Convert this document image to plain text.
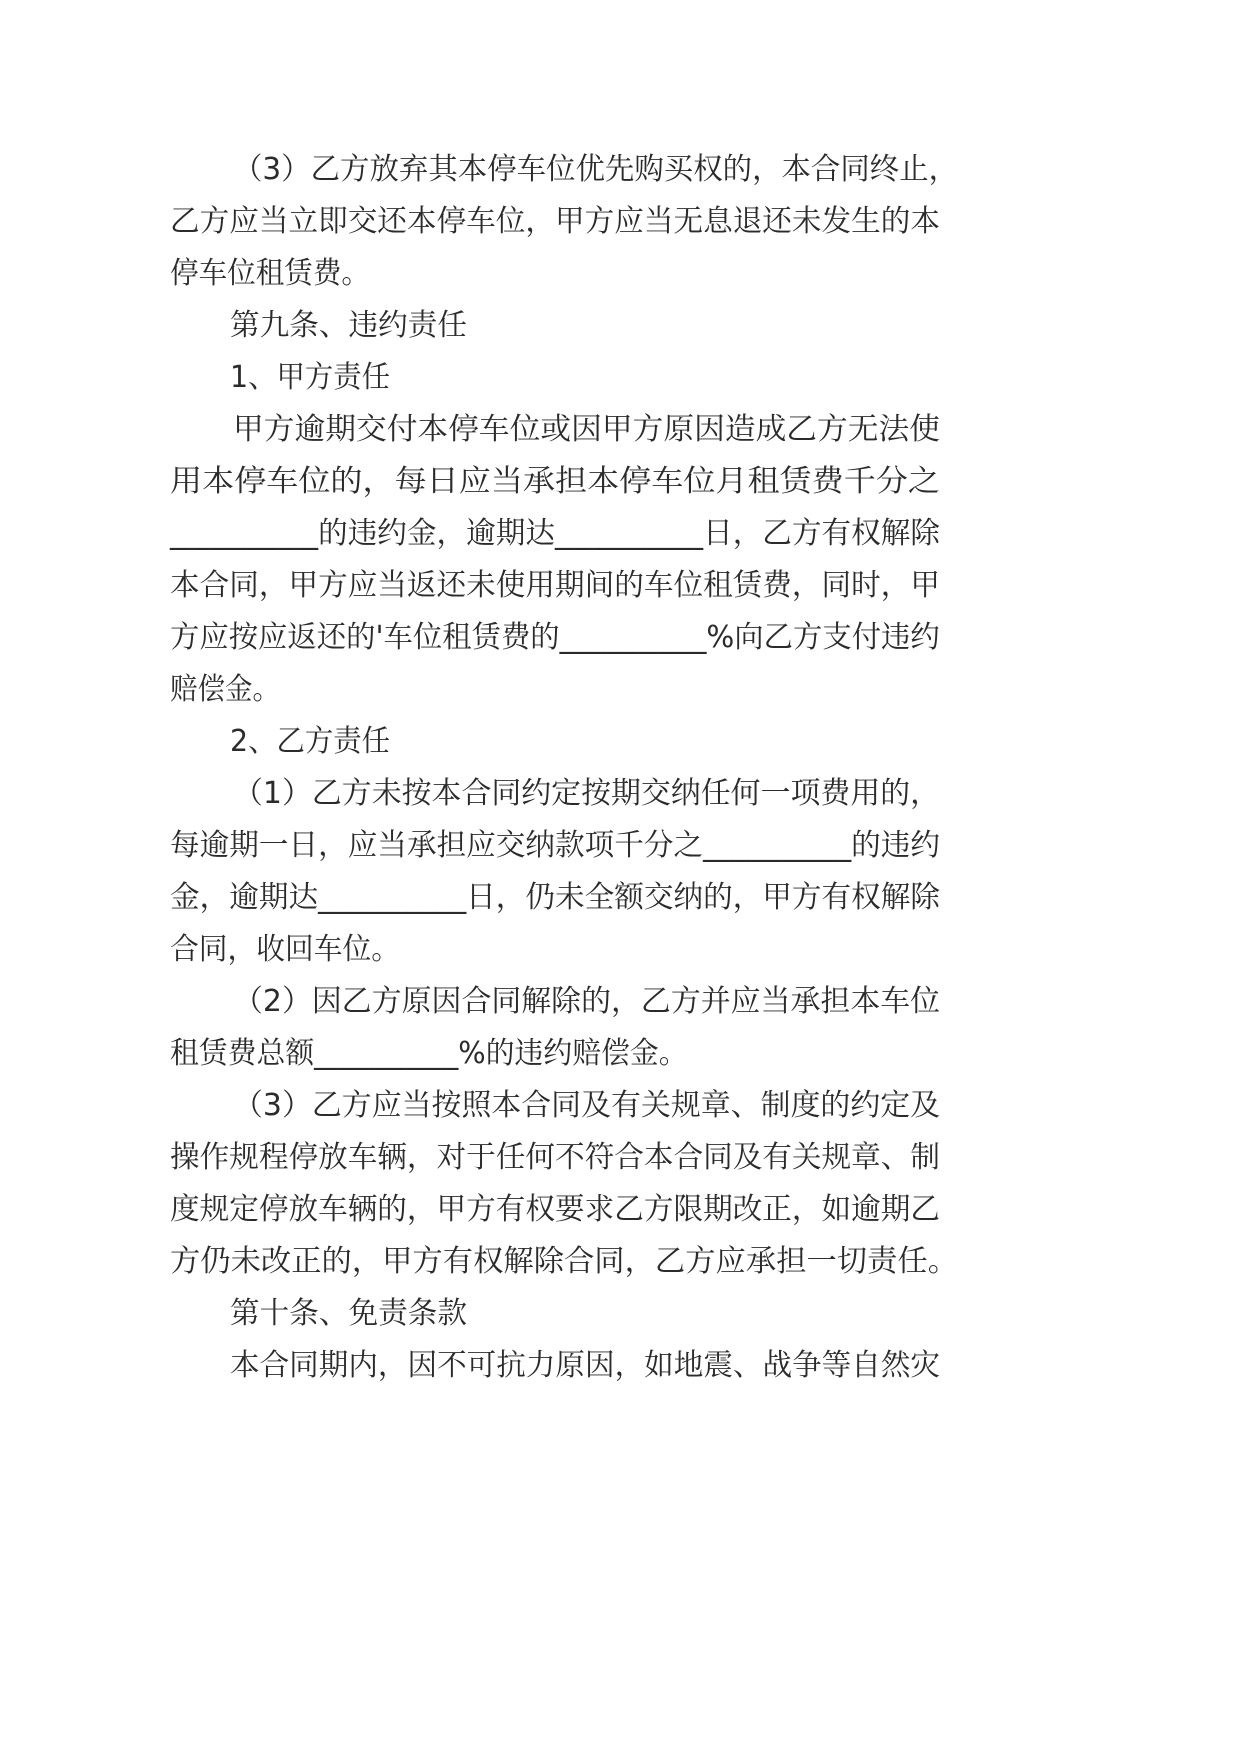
（3）乙方放弃其本停车位优先购买权的，本合同终止，
乙方应当立即交还本停车位，甲方应当无息退还未发生的本
停车位租赁费。
第九条、违约责任
1、甲方责任
甲方逾期交付本停车位或因甲方原因造成乙方无法使
用本停车位的，每日应当承担本停车位月租赁费千分之
__________的违约金，逾期达__________日，乙方有权解除
本合同，甲方应当返还未使用期间的车位租赁费，同时，甲
方应按应返还的'车位租赁费的__________%向乙方支付违约
赔偿金。
2、乙方责任
（1）乙方未按本合同约定按期交纳任何一项费用的，
每逾期一日，应当承担应交纳款项千分之__________的违约
金，逾期达__________日，仍未全额交纳的，甲方有权解除
合同，收回车位。
（2）因乙方原因合同解除的，乙方并应当承担本车位
租赁费总额__________%的违约赔偿金。
（3）乙方应当按照本合同及有关规章、制度的约定及
操作规程停放车辆，对于任何不符合本合同及有关规章、制
度规定停放车辆的，甲方有权要求乙方限期改正，如逾期乙
方仍未改正的，甲方有权解除合同，乙方应承担一切责任。
第十条、免责条款
本合同期内，因不可抗力原因，如地震、战争等自然灾
